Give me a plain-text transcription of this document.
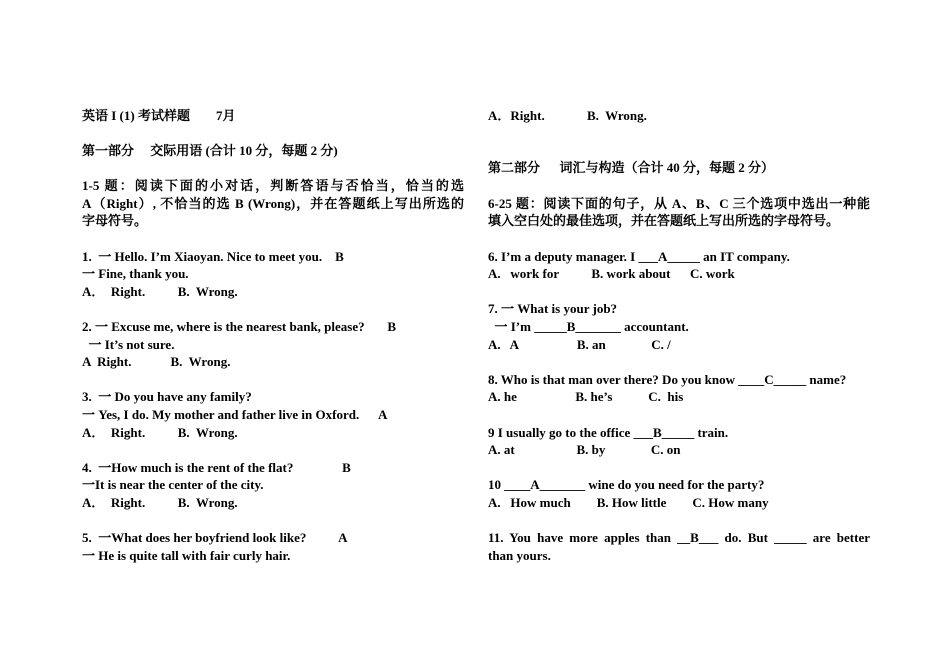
英语 I (1) 考试样题        7月
第一部分     交际用语 (合计 10 分，每题 2 分)
1-5 题：阅读下面的小对话，判断答语与否恰当，恰当的选
A（Right）, 不恰当的选 B (Wrong)，并在答题纸上写出所选的
字母符号。
1.  一 Hello. I’m Xiaoyan. Nice to meet you.    B
一 Fine, thank you.
A．  Right.          B.  Wrong.
2. 一 Excuse me, where is the nearest bank, please?       B
一 It’s not sure.
A  Right.            B.  Wrong.
3.  一 Do you have any family?
一 Yes, I do. My mother and father live in Oxford.      A
A．  Right.          B.  Wrong.
4.  一How much is the rent of the flat?               B
一It is near the center of the city.
A．  Right.          B.  Wrong.
5.  一What does her boyfriend look like?          A
一 He is quite tall with fair curly hair.
A．Right.             B.  Wrong.
第二部分      词汇与构造（合计 40 分，每题 2 分）
6-25 题：阅读下面的句子，从 A、B、C 三个选项中选出一种能
填入空白处的最佳选项，并在答题纸上写出所选的字母符号。
6. I’m a deputy manager. I ___A_____ an IT company.
A.   work for          B. work about      C. work
7. 一 What is your job?
一 I’m _____B_______ accountant.
A.   A                  B. an              C. /
8. Who is that man over there? Do you know ____C_____ name?
A. he                  B. he’s           C.  his
9 I usually go to the office ___B_____ train.
A. at                   B. by              C. on
10 ____A_______ wine do you need for the party?
A.   How much        B. How little        C. How many
11. You have more apples than __B___ do. But _____ are better
than yours.
